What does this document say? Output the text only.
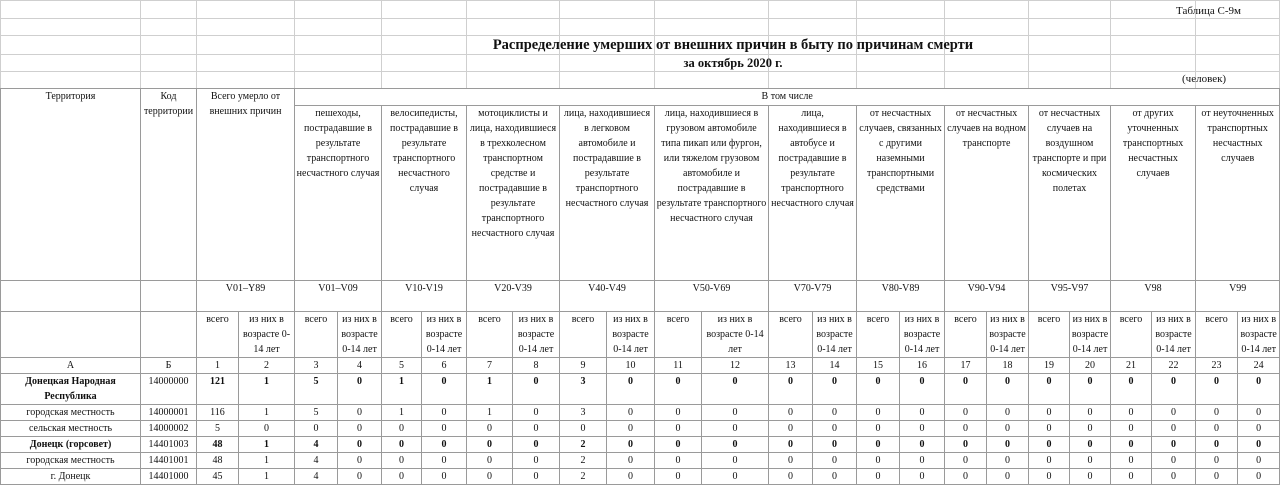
Таблица С-9м
Распределение умерших от внешних причин в быту по причинам смерти
за октябрь 2020 г.
(человек)
Территория	Код территории	Всего умерло от внешних причин		В том числе																					
				пешеходы, пострадавшие в результате транспортного несчастного случая		велосипедисты, пострадавшие в результате транспортного несчастного случая		мотоциклисты и лица, находившиеся в трехколесном транспортном средстве и пострадавшие в результате транспортного несчастного случая		лица, находившиеся в легковом автомобиле и пострадавшие в результате транспортного несчастного случая		лица, находившиеся в грузовом автомобиле типа пикап или фургон, или тяжелом грузовом автомобиле и пострадавшие в результате транспортного несчастного случая		лица, находившиеся в автобусе и пострадавшие в результате транспортного несчастного случая		от несчастных случаев, связанных с другими наземными транспортными средствами		от несчастных случаев на водном транспорте		от несчастных случаев на воздушном транспорте и при космических полетах		от других уточненных транспортных несчастных случаев		от неуточненных транспортных несчастных случаев	
		V01–Y89		V01–V09		V10-V19		V20-V39		V40-V49		V50-V69		V70-V79		V80-V89		V90-V94		V95-V97		V98		V99	
		всего	из них в возрасте 0-14 лет	всего	из них в возрасте 0-14 лет	всего	из них в возрасте 0-14 лет	всего	из них в возрасте 0-14 лет	всего	из них в возрасте 0-14 лет	всего	из них в возрасте 0-14 лет	всего	из них в возрасте 0-14 лет	всего	из них в возрасте 0-14 лет	всего	из них в возрасте 0-14 лет	всего	из них в возрасте 0-14 лет	всего	из них в возрасте 0-14 лет	всего	из них в возрасте 0-14 лет
А	Б	1	2	3	4	5	6	7	8	9	10	11	12	13	14	15	16	17	18	19	20	21	22	23	24
Донецкая Народная Республика	14000000	121	1	5	0	1	0	1	0	3	0	0	0	0	0	0	0	0	0	0	0	0	0	0	0
городская местность	14000001	116	1	5	0	1	0	1	0	3	0	0	0	0	0	0	0	0	0	0	0	0	0	0	0
сельская местность	14000002	5	0	0	0	0	0	0	0	0	0	0	0	0	0	0	0	0	0	0	0	0	0	0	0
Донецк (горсовет)	14401003	48	1	4	0	0	0	0	0	2	0	0	0	0	0	0	0	0	0	0	0	0	0	0	0
городская местность	14401001	48	1	4	0	0	0	0	0	2	0	0	0	0	0	0	0	0	0	0	0	0	0	0	0
г. Донецк	14401000	45	1	4	0	0	0	0	0	2	0	0	0	0	0	0	0	0	0	0	0	0	0	0	0
